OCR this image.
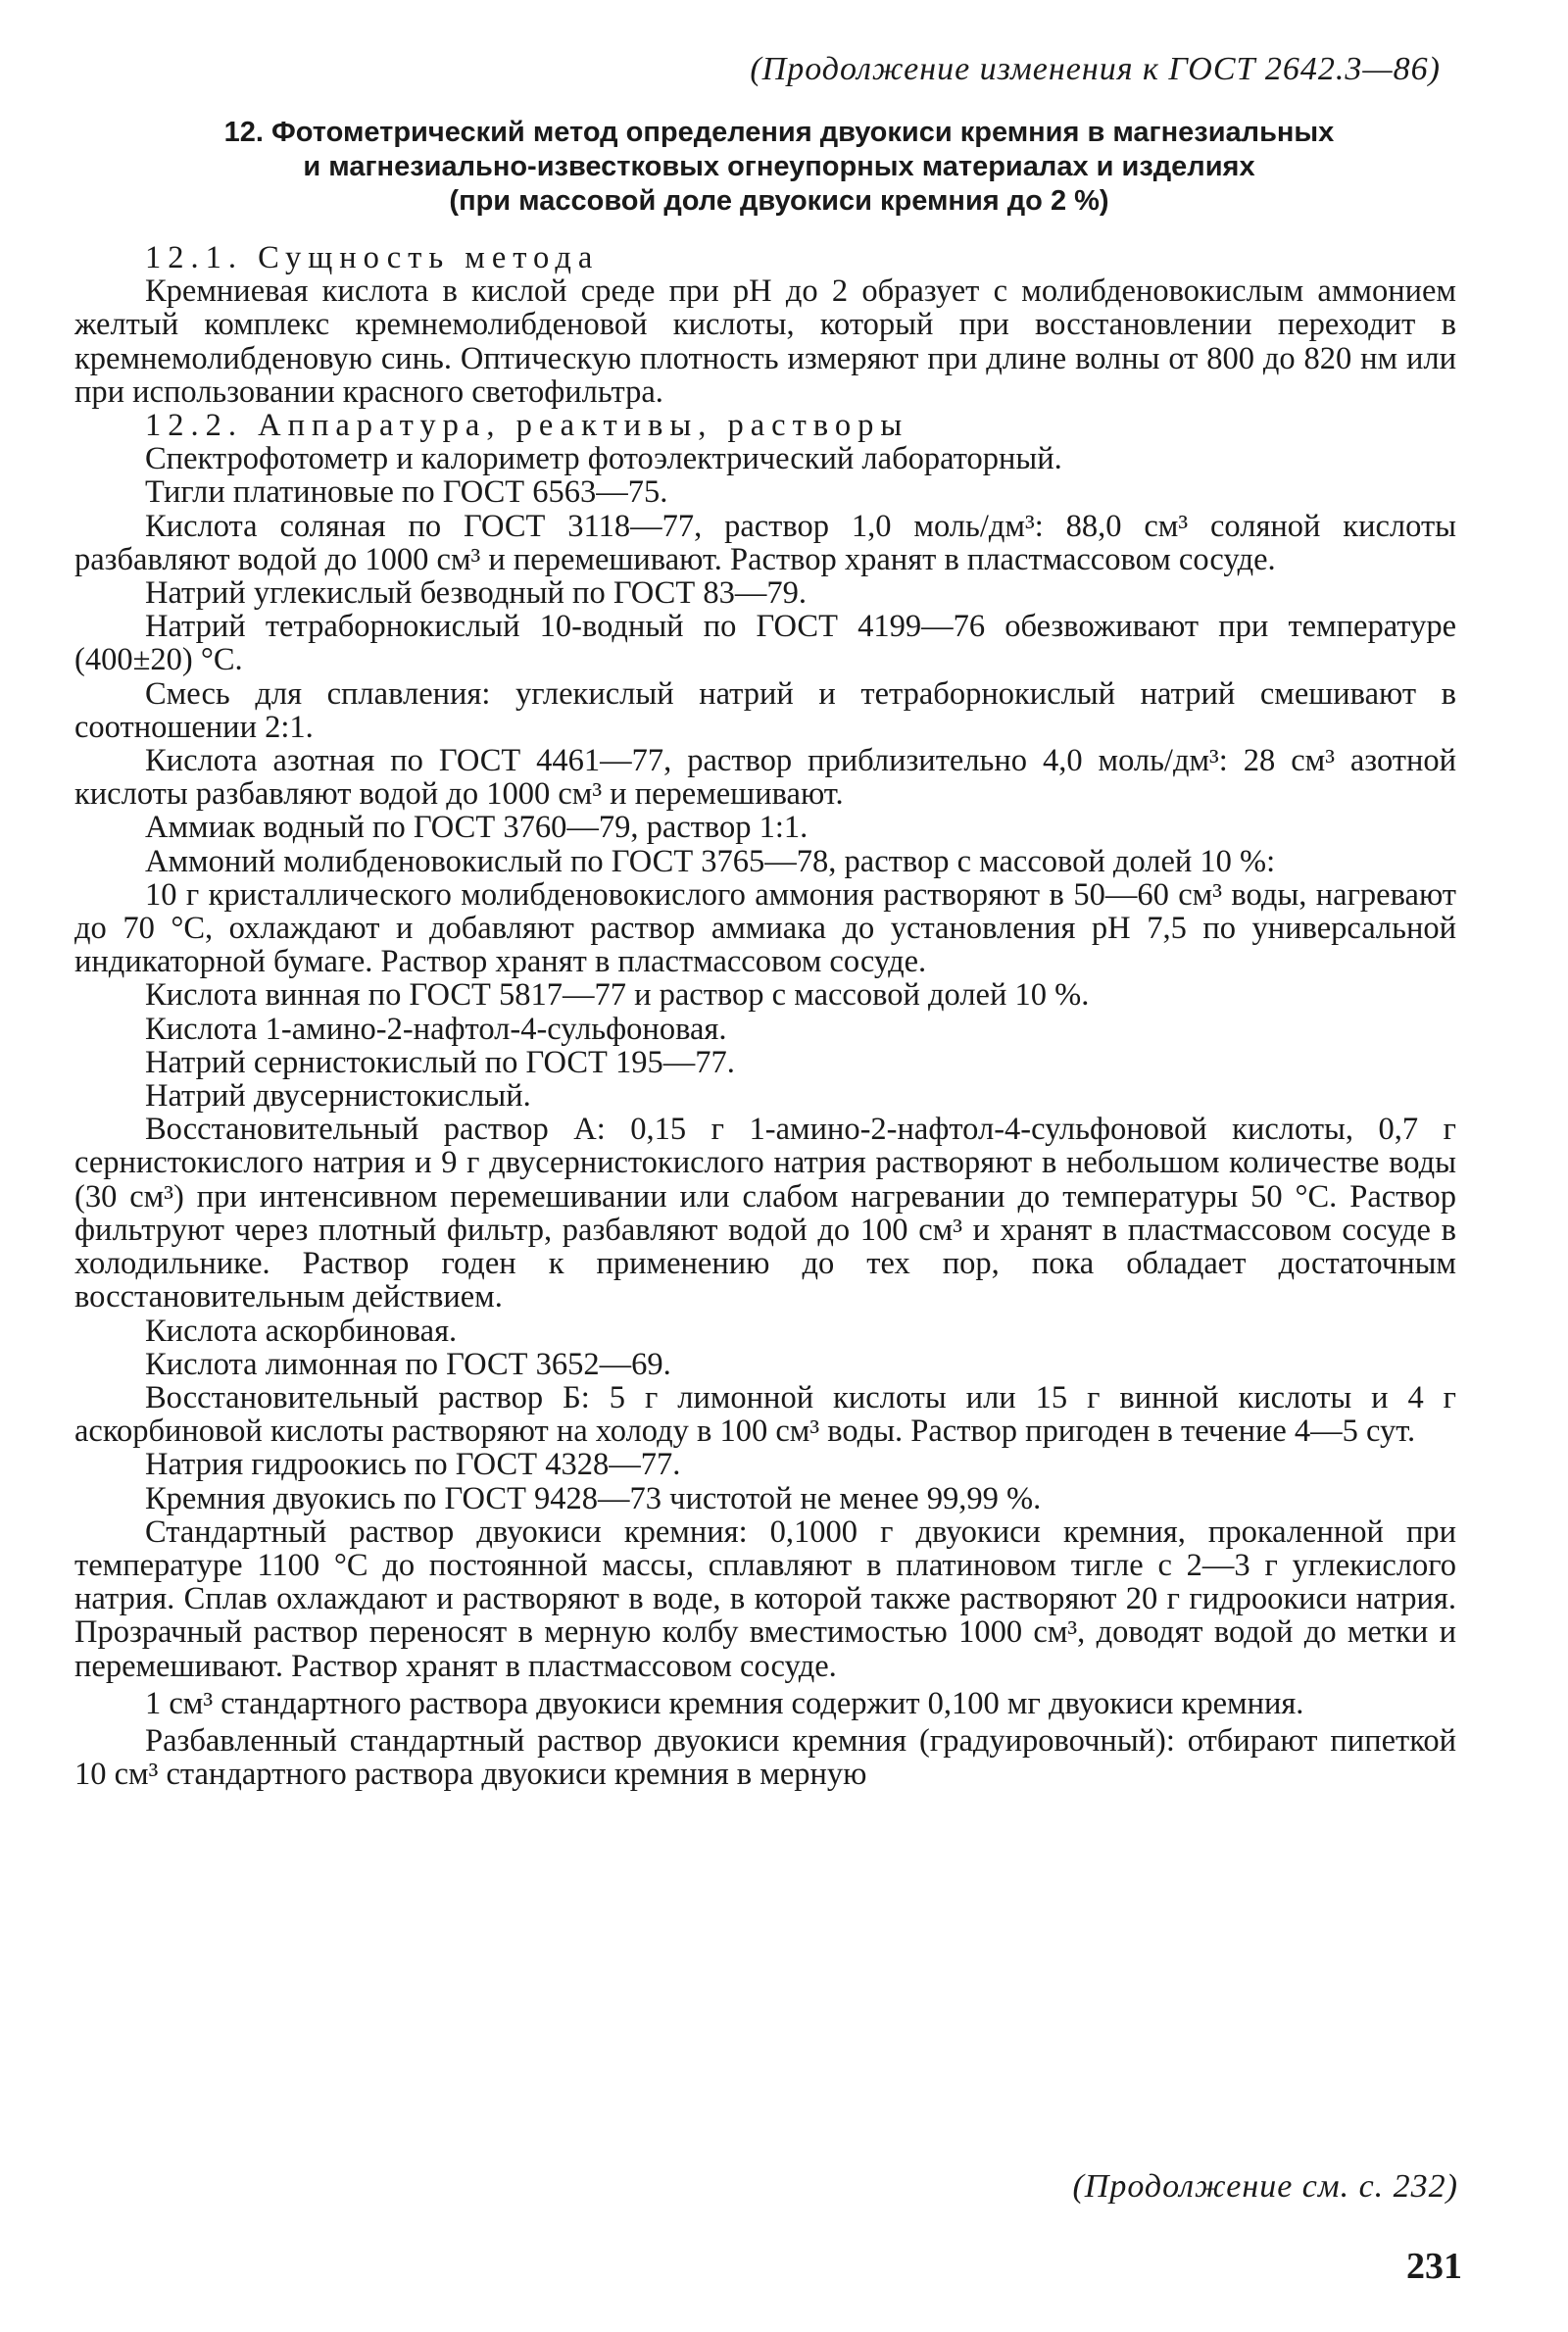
(Продолжение изменения к ГОСТ 2642.3—86)
12. Фотометрический метод определения двуокиси кремния в магнезиальных
и магнезиально-известковых огнеупорных материалах и изделиях
(при массовой доле двуокиси кремния до 2 %)

12.1. Сущность метода

Кремниевая кислота в кислой среде при pH до 2 образует с молибденовокислым аммонием желтый комплекс кремнемолибденовой кислоты, который при восстановлении переходит в кремнемолибденовую синь. Оптическую плотность измеряют при длине волны от 800 до 820 нм или при использовании красного светофильтра.

12.2. Аппаратура, реактивы, растворы

Спектрофотометр и калориметр фотоэлектрический лабораторный.

Тигли платиновые по ГОСТ 6563—75.

Кислота соляная по ГОСТ 3118—77, раствор 1,0 моль/дм³: 88,0 см³ соляной кислоты разбавляют водой до 1000 см³ и перемешивают. Раствор хранят в пластмассовом сосуде.

Натрий углекислый безводный по ГОСТ 83—79.

Натрий тетраборнокислый 10-водный по ГОСТ 4199—76 обезвоживают при температуре (400±20) °С.

Смесь для сплавления: углекислый натрий и тетраборнокислый натрий смешивают в соотношении 2:1.

Кислота азотная по ГОСТ 4461—77, раствор приблизительно 4,0 моль/дм³: 28 см³ азотной кислоты разбавляют водой до 1000 см³ и перемешивают.

Аммиак водный по ГОСТ 3760—79, раствор 1:1.

Аммоний молибденовокислый по ГОСТ 3765—78, раствор с массовой долей 10 %:

10 г кристаллического молибденовокислого аммония растворяют в 50—60 см³ воды, нагревают до 70 °С, охлаждают и добавляют раствор аммиака до установления pH 7,5 по универсальной индикаторной бумаге. Раствор хранят в пластмассовом сосуде.

Кислота винная по ГОСТ 5817—77 и раствор с массовой долей 10 %.

Кислота 1-амино-2-нафтол-4-сульфоновая.

Натрий сернистокислый по ГОСТ 195—77.

Натрий двусернистокислый.

Восстановительный раствор А: 0,15 г 1-амино-2-нафтол-4-сульфоновой кислоты, 0,7 г сернистокислого натрия и 9 г двусернистокислого натрия растворяют в небольшом количестве воды (30 см³) при интенсивном перемешивании или слабом нагревании до температуры 50 °С. Раствор фильтруют через плотный фильтр, разбавляют водой до 100 см³ и хранят в пластмассовом сосуде в холодильнике. Раствор годен к применению до тех пор, пока обладает достаточным восстановительным действием.

Кислота аскорбиновая.

Кислота лимонная по ГОСТ 3652—69.

Восстановительный раствор Б: 5 г лимонной кислоты или 15 г винной кислоты и 4 г аскорбиновой кислоты растворяют на холоду в 100 см³ воды. Раствор пригоден в течение 4—5 сут.

Натрия гидроокись по ГОСТ 4328—77.

Кремния двуокись по ГОСТ 9428—73 чистотой не менее 99,99 %.

Стандартный раствор двуокиси кремния: 0,1000 г двуокиси кремния, прокаленной при температуре 1100 °С до постоянной массы, сплавляют в платиновом тигле с 2—3 г углекислого натрия. Сплав охлаждают и растворяют в воде, в которой также растворяют 20 г гидроокиси натрия. Прозрачный раствор переносят в мерную колбу вместимостью 1000 см³, доводят водой до метки и перемешивают. Раствор хранят в пластмассовом сосуде.

1 см³ стандартного раствора двуокиси кремния содержит 0,100 мг двуокиси кремния.

Разбавленный стандартный раствор двуокиси кремния (градуировочный): отбирают пипеткой 10 см³ стандартного раствора двуокиси кремния в мерную

(Продолжение см. с. 232)
231
